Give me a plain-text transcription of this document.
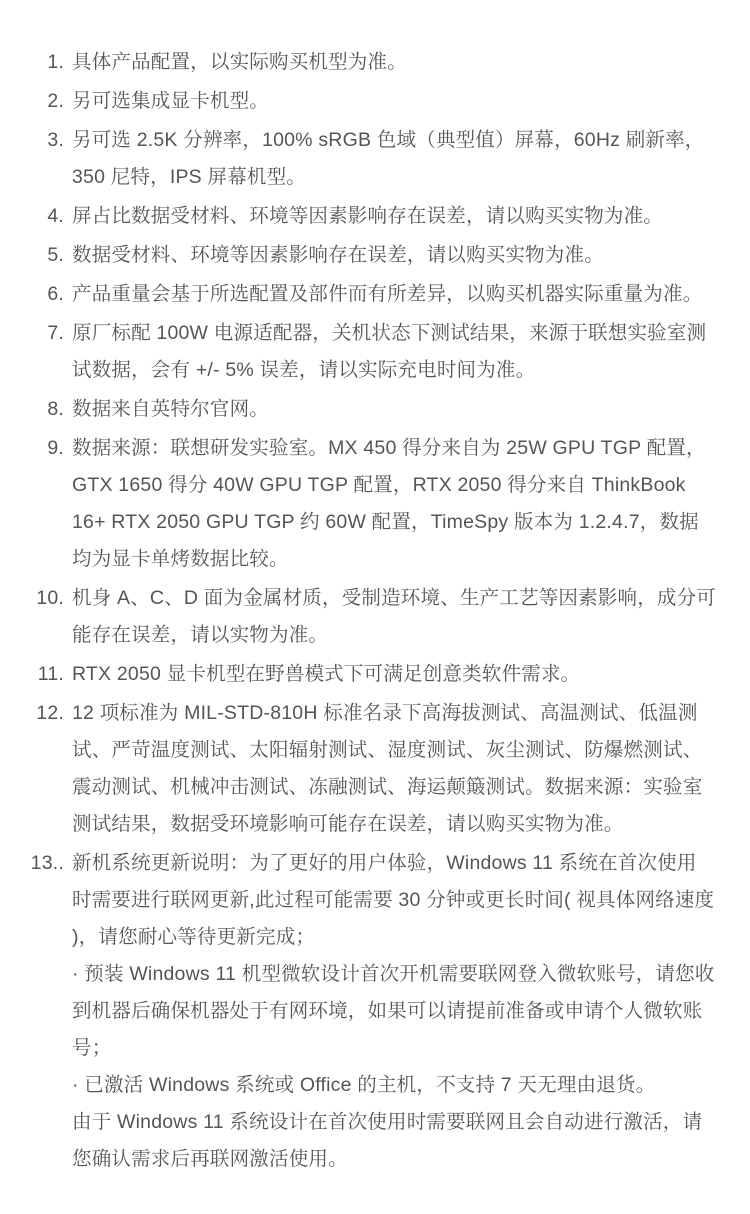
1. 具体产品配置，以实际购买机型为准。
2. 另可选集成显卡机型。
3. 另可选 2.5K 分辨率，100% sRGB 色域（典型值）屏幕，60Hz 刷新率，350 尼特，IPS 屏幕机型。
4. 屏占比数据受材料、环境等因素影响存在误差，请以购买实物为准。
5. 数据受材料、环境等因素影响存在误差，请以购买实物为准。
6. 产品重量会基于所选配置及部件而有所差异，以购买机器实际重量为准。
7. 原厂标配 100W 电源适配器，关机状态下测试结果，来源于联想实验室测试数据，会有 +/- 5% 误差，请以实际充电时间为准。
8. 数据来自英特尔官网。
9. 数据来源：联想研发实验室。MX 450 得分来自为 25W GPU TGP 配置，GTX 1650 得分 40W GPU TGP 配置，RTX 2050 得分来自 ThinkBook 16+ RTX 2050 GPU TGP 约 60W 配置，TimeSpy 版本为 1.2.4.7，数据均为显卡单烤数据比较。
10. 机身 A、C、D 面为金属材质，受制造环境、生产工艺等因素影响，成分可能存在误差，请以实物为准。
11. RTX 2050 显卡机型在野兽模式下可满足创意类软件需求。
12. 12 项标准为 MIL-STD-810H 标准名录下高海拔测试、高温测试、低温测试、严苛温度测试、太阳辐射测试、湿度测试、灰尘测试、防爆燃测试、震动测试、机械冲击测试、冻融测试、海运颠簸测试。数据来源：实验室测试结果，数据受环境影响可能存在误差，请以购买实物为准。
13.. 新机系统更新说明：为了更好的用户体验，Windows 11 系统在首次使用时需要进行联网更新,此过程可能需要 30 分钟或更长时间( 视具体网络速度 )，请您耐心等待更新完成；
· 预装 Windows 11 机型微软设计首次开机需要联网登入微软账号，请您收到机器后确保机器处于有网环境，如果可以请提前准备或申请个人微软账号；
· 已激活 Windows 系统或 Office 的主机，不支持 7 天无理由退货。
由于 Windows 11 系统设计在首次使用时需要联网且会自动进行激活，请您确认需求后再联网激活使用。
